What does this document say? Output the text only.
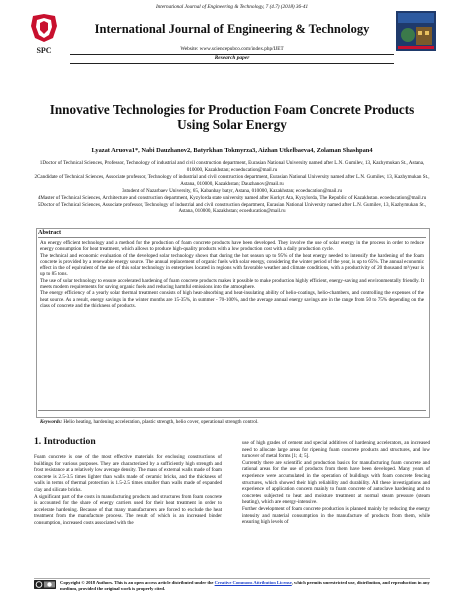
International Journal of Engineering & Technology, 7 (4.7) (2018) 36-41
SPC
International Journal of Engineering & Technology
Website: www.sciencepubco.com/index.php/IJET
Research paper
Innovative Technologies for Production Foam Concrete Products
Using Solar Energy
Lyazat Aruova1*, Nabi Dauzhanov2, Batyrkhan Tokmyrza3, Aizhan Utkelbaeva4, Zolaman Shashpan4

1Doctor of Technical Sciences, Professor, Technology of industrial and civil construction department, Eurasian National University named after L.N. Gumilev, 13, Kazhymukan St., Astana, 010000, Kazakhstan; ecoeducation@mail.ru

2Candidate of Technical Sciences, Associate professor, Technology of industrial and civil construction department, Eurasian National University named after L.N. Gumilev, 13, Kazhymukan St., Astana, 010000, Kazakhstan; Dauzhanov@mail.ru

3student of Nazarbaev University, 65, Kabanbay batyr, Astana, 010000, Kazakhstan; ecoeducation@mail.ru

4Master of Technical Sciences, Architecture and construction department, Kyzylorda state university named after Korkyt Ata, Kyzylorda, The Republic of Kazakhstan. ecoeducation@mail.ru

5Doctor of Technical Sciences, Associate professor, Technology of industrial and civil construction department, Eurasian National University named after L.N. Gumilev, 13, Kazhymukan St., Astana, 010000, Kazakhstan; ecoeducation@mail.ru

Abstract

An energy efficient technology and a method for the production of foam concrete products have been developed. They involve the use of solar energy in the process in order to reduce energy consumption for heat treatment, which allows to produce high-quality products with a low production cost with a daily production cycle.

The technical and economic evaluation of the developed solar technology shows that during the hot season up to 95% of the heat energy needed to intensify the hardening of the foam concrete is provided by a renewable energy source. The annual replacement of organic fuels with solar energy, considering the winter period of the year, is up to 65%. The annual economic effect in the of equivalent of the use of this solar technology in enterprises located in regions with favorable weather and climate conditions, with a productivity of 20 thousand m³/year is up to 85 tons.

The use of solar technology to ensure accelerated hardening of foam concrete products makes it possible to make production highly efficient, energy-saving and environmentally friendly. It meets modern requirements for saving organic fuels and reducing harmful emissions into the atmosphere.

The energy efficiency of a yearly solar thermal treatment consists of high heat-absorbing and heat-insulating ability of helio-coatings, helio-chambers, and controlling the expenses of the heat source. As a result, energy savings in the winter months are 15-35%, in summer - 70-100%, and the average annual energy savings are in the range from 50 to 75% depending on the class of concrete and the thickness of products.

Keywords: Helio heating, hardening acceleration, plastic strength, helio cover, operational strength control.
1. Introduction

Foam concrete is one of the most effective materials for enclosing constructions of buildings for various purposes. They are characterized by a sufficiently high strength and frost resistance at a relatively low average density. The mass of external walls made of foam concrete is 2.5-3.5 times lighter than walls made of ceramic bricks, and the thickness of walls in terms of thermal protection is 1.5-2.5 times smaller than walls made of expanded clay and silicate bricks.

A significant part of the costs in manufacturing products and structures from foam concrete is accounted for the share of energy carriers used for their heat treatment in order to accelerate hardening. Because of that many manufacturers are forced to exclude the heat treatment from the manufacture process. The result of which is an increased binder consumption, increased costs associated with the

use of high grades of cement and special additives of hardening accelerators, an increased need to allocate large areas for ripening foam concrete products and structures, and low turnover of metal forms [1; 4; 5].

Currently there are scientific and production basics for manufacturing foam concrete and rational areas for the use of products from them have been developed. Many years of experience were accumulated in the operation of buildings with foam concrete fencing structures, which showed their high reliability and durability. All these investigations and experience of application concern mainly to foam concrete of autoclave hardening and to concretes subjected to heat and moisture treatment at normal steam pressure (steam heating), which are energy-intensive.

Further development of foam concrete production is planned mainly by reducing the energy intensity and material consumption in the manufacture of products from them, while ensuring high levels of

Copyright © 2018 Authors. This is an open access article distributed under the Creative Commons Attribution License, which permits unrestricted use, distribution, and reproduction in any medium, provided the original work is properly cited.
